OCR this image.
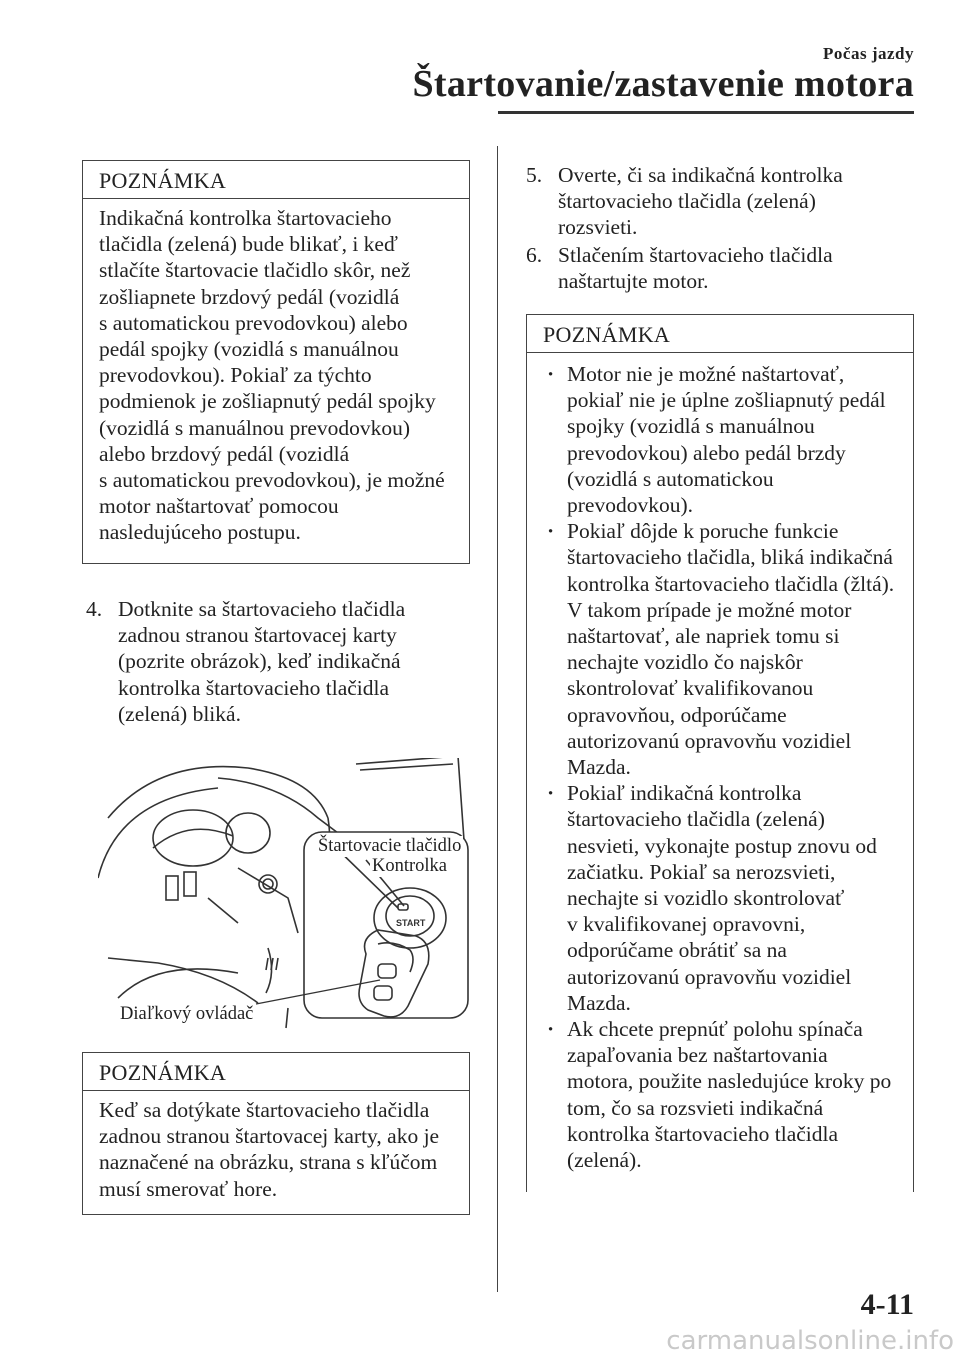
Počas jazdy
Štartovanie/zastavenie motora
POZNÁMKA

Indikačná kontrolka štartovacieho

tlačidla (zelená) bude blikať, i keď

stlačíte štartovacie tlačidlo skôr, než

zošliapnete brzdový pedál (vozidlá

s automatickou prevodovkou) alebo

pedál spojky (vozidlá s manuálnou

prevodovkou). Pokiaľ za týchto

podmienok je zošliapnutý pedál spojky

(vozidlá s manuálnou prevodovkou)

alebo brzdový pedál (vozidlá

s automatickou prevodovkou), je možné

motor naštartovať pomocou

nasledujúceho postupu.

4. Dotknite sa štartovacieho tlačidla
zadnou stranou štartovacej karty
(pozrite obrázok), keď indikačná
kontrolka štartovacieho tlačidla
(zelená) bliká.
START
Štartovacie tlačidlo
Kontrolka
Diaľkový ovládač
POZNÁMKA

Keď sa dotýkate štartovacieho tlačidla

zadnou stranou štartovacej karty, ako je

naznačené na obrázku, strana s kľúčom

musí smerovať hore.

5. Overte, či sa indikačná kontrolka
štartovacieho tlačidla (zelená)
rozsvieti.
6. Stlačením štartovacieho tlačidla
naštartujte motor.
POZNÁMKA
· Motor nie je možné naštartovať,
pokiaľ nie je úplne zošliapnutý pedál
spojky (vozidlá s manuálnou
prevodovkou) alebo pedál brzdy
(vozidlá s automatickou
prevodovkou).
· Pokiaľ dôjde k poruche funkcie
štartovacieho tlačidla, bliká indikačná
kontrolka štartovacieho tlačidla (žltá).
V takom prípade je možné motor
naštartovať, ale napriek tomu si
nechajte vozidlo čo najskôr
skontrolovať kvalifikovanou
opravovňou, odporúčame
autorizovanú opravovňu vozidiel
Mazda.
· Pokiaľ indikačná kontrolka
štartovacieho tlačidla (zelená)
nesvieti, vykonajte postup znovu od
začiatku. Pokiaľ sa nerozsvieti,
nechajte si vozidlo skontrolovať
v kvalifikovanej opravovni,
odporúčame obrátiť sa na
autorizovanú opravovňu vozidiel
Mazda.
· Ak chcete prepnúť polohu spínača
zapaľovania bez naštartovania
motora, použite nasledujúce kroky po
tom, čo sa rozsvieti indikačná
kontrolka štartovacieho tlačidla
(zelená).
4-11
carmanualsonline.info
